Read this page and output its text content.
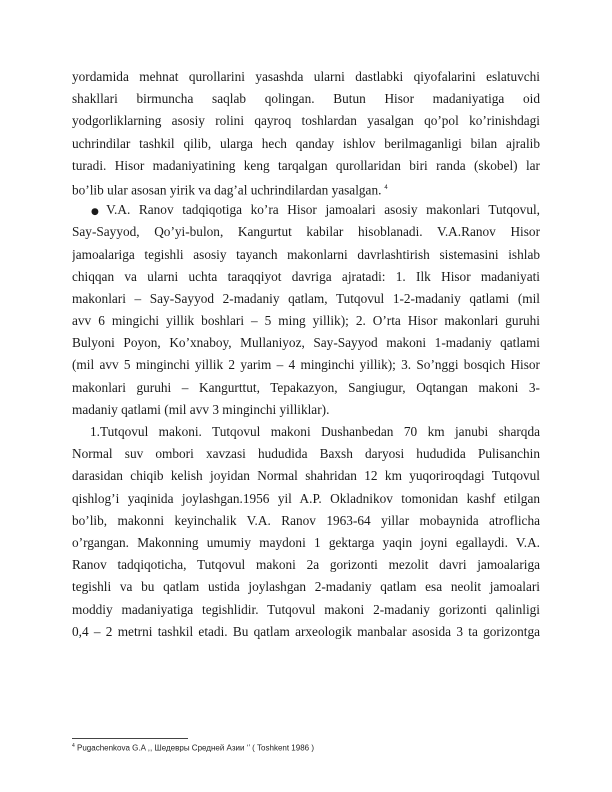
yordamida mehnat qurollarini yasashda ularni dastlabki qiyofalarini eslatuvchi
shakllari birmuncha saqlab qolingan. Butun Hisor madaniyatiga oid
yodgorliklarning asosiy rolini qayroq toshlardan yasalgan qo’pol ko’rinishdagi
uchrindilar tashkil qilib, ularga hech qanday ishlov berilmaganligi bilan ajralib
turadi. Hisor madaniyatining keng tarqalgan qurollaridan biri randa (skobel) lar
bo’lib ular asosan yirik va dag’al uchrindilardan yasalgan. $^4$
● V.A. Ranov tadqiqotiga ko’ra Hisor jamoalari asosiy makonlari Tutqovul,
Say-Sayyod, Qo’yi-bulon, Kangurtut kabilar hisoblanadi. V.A.Ranov Hisor
jamoalariga tegishli asosiy tayanch makonlarni davrlashtirish sistemasini ishlab
chiqqan va ularni uchta taraqqiyot davriga ajratadi: 1. Ilk Hisor madaniyati
makonlari – Say-Sayyod 2-madaniy qatlam, Tutqovul 1-2-madaniy qatlami (mil
avv 6 mingichi yillik boshlari – 5 ming yillik); 2. O’rta Hisor makonlari guruhi
Bulyoni Poyon, Ko’xnaboy, Mullaniyoz, Say-Sayyod makoni 1-madaniy qatlami
(mil avv 5 minginchi yillik 2 yarim – 4 minginchi yillik); 3. So’nggi bosqich Hisor
makonlari guruhi – Kangurttut, Tepakazyon, Sangiugur, Oqtangan makoni 3-
madaniy qatlami (mil avv 3 minginchi yilliklar).
1.Tutqovul makoni. Tutqovul makoni Dushanbedan 70 km janubi sharqda
Normal suv ombori xavzasi hududida Baxsh daryosi hududida Pulisanchin
darasidan chiqib kelish joyidan Normal shahridan 12 km yuqoriroqdagi Tutqovul
qishlog’i yaqinida joylashgan.1956 yil A.P. Okladnikov tomonidan kashf etilgan
bo’lib, makonni keyinchalik V.A. Ranov 1963-64 yillar mobaynida atroflicha
o’rgangan. Makonning umumiy maydoni 1 gektarga yaqin joyni egallaydi. V.A.
Ranov tadqiqoticha, Tutqovul makoni 2a gorizonti mezolit davri jamoalariga
tegishli va bu qatlam ustida joylashgan 2-madaniy qatlam esa neolit jamoalari
moddiy madaniyatiga tegishlidir. Tutqovul makoni 2-madaniy gorizonti qalinligi
0,4 – 2 metrni tashkil etadi. Bu qatlam arxeologik manbalar asosida 3 ta gorizontga
$^4$ Pugachenkova G.A ,, Шедевры Средней Азии ‘’ ( Toshkent 1986 )
